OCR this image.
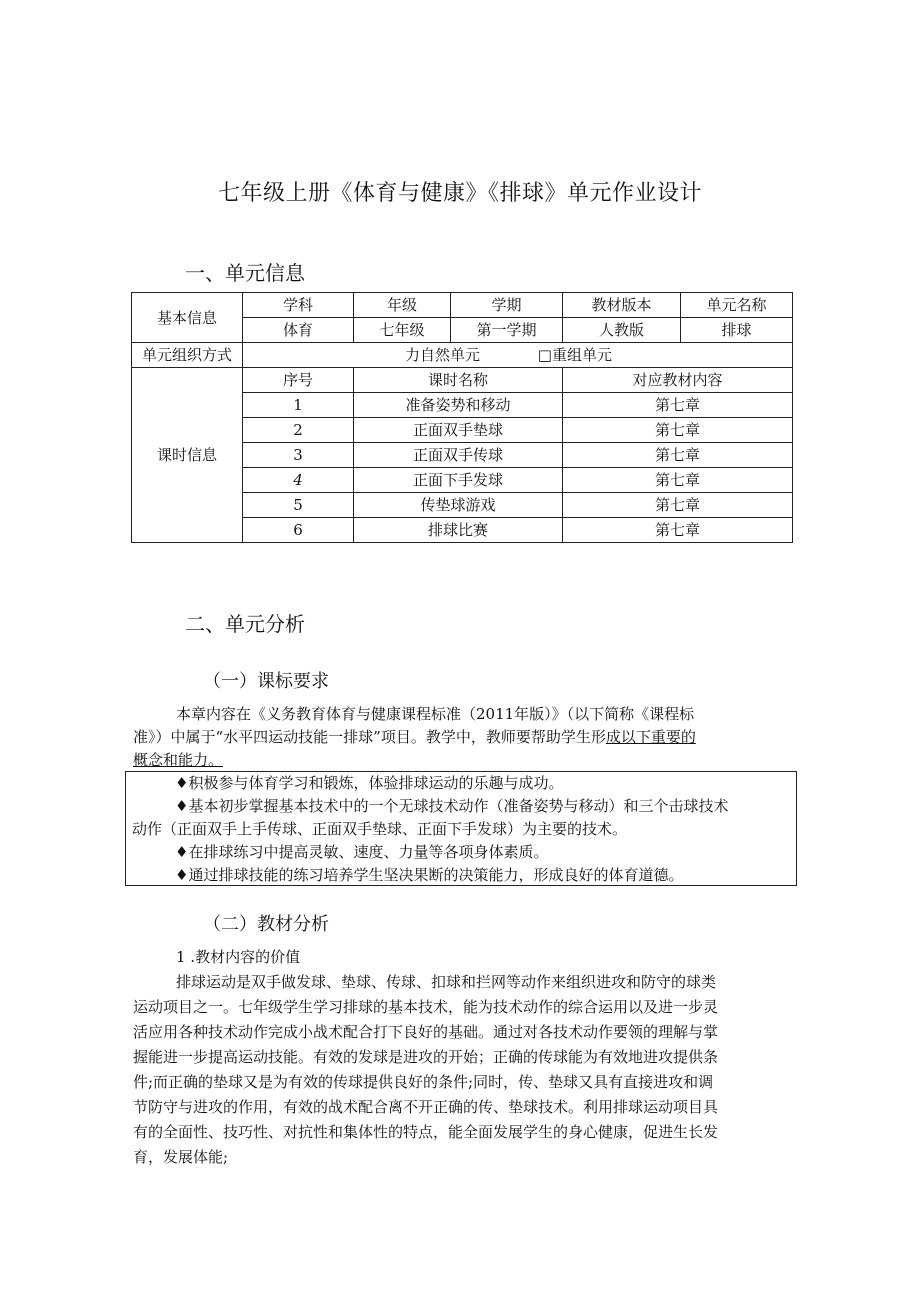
七年级上册《体育与健康》《排球》单元作业设计
一、单元信息
基本信息	学科	年级	学期	教材版本	单元名称
	体育	七年级	第一学期	人教版	排球
单元组织方式	力自然单元 □重组单元				
课时信息	序号	课时名称		对应教材内容	
	1	准备姿势和移动		第七章	
	2	正面双手垫球		第七章	
	3	正面双手传球		第七章	
	4	正面下手发球		第七章	
	5	传垫球游戏		第七章	
	6	排球比赛		第七章	
二、单元分析
（一）课标要求
本章内容在《义务教育体育与健康课程标准（2011年版）》（以下简称《课程标
准》）中属于“水平四运动技能一排球”项目。教学中，教师要帮助学生形成以下重要的
概念和能力。
♦积极参与体育学习和锻炼，体验排球运动的乐趣与成功。
♦基本初步掌握基本技术中的一个无球技术动作（准备姿势与移动）和三个击球技术
动作（正面双手上手传球、正面双手垫球、正面下手发球）为主要的技术。
♦在排球练习中提高灵敏、速度、力量等各项身体素质。
♦通过排球技能的练习培养学生坚决果断的决策能力，形成良好的体育道德。
（二）教材分析
1 .教材内容的价值
排球运动是双手做发球、垫球、传球、扣球和拦网等动作来组织进攻和防守的球类
运动项目之一。七年级学生学习排球的基本技术，能为技术动作的综合运用以及进一步灵
活应用各种技术动作完成小战术配合打下良好的基础。通过对各技术动作要领的理解与掌
握能进一步提高运动技能。有效的发球是进攻的开始；正确的传球能为有效地进攻提供条
件;而正确的垫球又是为有效的传球提供良好的条件;同时，传、垫球又具有直接进攻和调
节防守与进攻的作用，有效的战术配合离不开正确的传、垫球技术。利用排球运动项目具
有的全面性、技巧性、对抗性和集体性的特点，能全面发展学生的身心健康，促进生长发
育，发展体能;
